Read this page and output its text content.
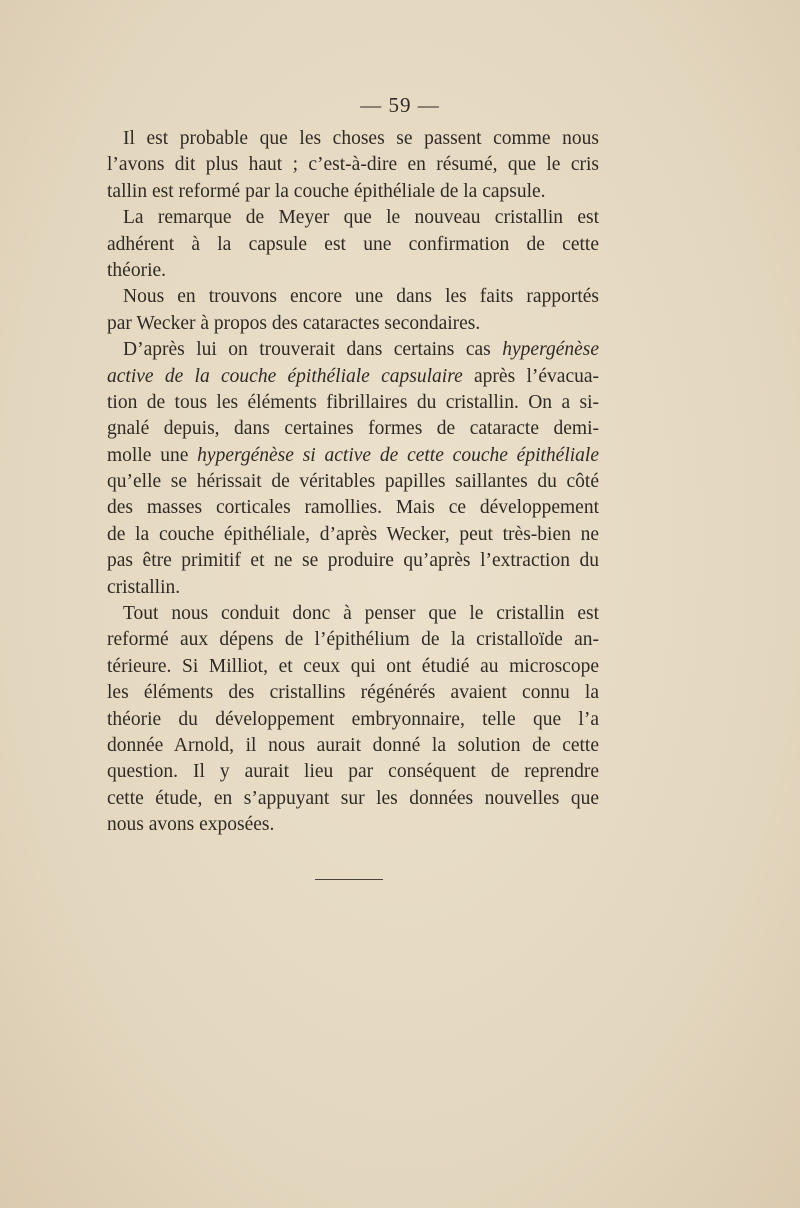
— 59 —
Il est probable que les choses se passent comme nous
l’avons dit plus haut ; c’est-à-dire en résumé, que le cris
tallin est reformé par la couche épithéliale de la capsule.
La remarque de Meyer que le nouveau cristallin est
adhérent à la capsule est une confirmation de cette
théorie.
Nous en trouvons encore une dans les faits rapportés
par Wecker à propos des cataractes secondaires.
D’après lui on trouverait dans certains cas hypergénèse
active de la couche épithéliale capsulaire après l’évacua-
tion de tous les éléments fibrillaires du cristallin. On a si-
gnalé depuis, dans certaines formes de cataracte demi-
molle une hypergénèse si active de cette couche épithéliale
qu’elle se hérissait de véritables papilles saillantes du côté
des masses corticales ramollies. Mais ce développement
de la couche épithéliale, d’après Wecker, peut très-bien ne
pas être primitif et ne se produire qu’après l’extraction du
cristallin.
Tout nous conduit donc à penser que le cristallin est
reformé aux dépens de l’épithélium de la cristalloïde an-
térieure. Si Milliot, et ceux qui ont étudié au microscope
les éléments des cristallins régénérés avaient connu la
théorie du développement embryonnaire, telle que l’a
donnée Arnold, il nous aurait donné la solution de cette
question. Il y aurait lieu par conséquent de reprendre
cette étude, en s’appuyant sur les données nouvelles que
nous avons exposées.
